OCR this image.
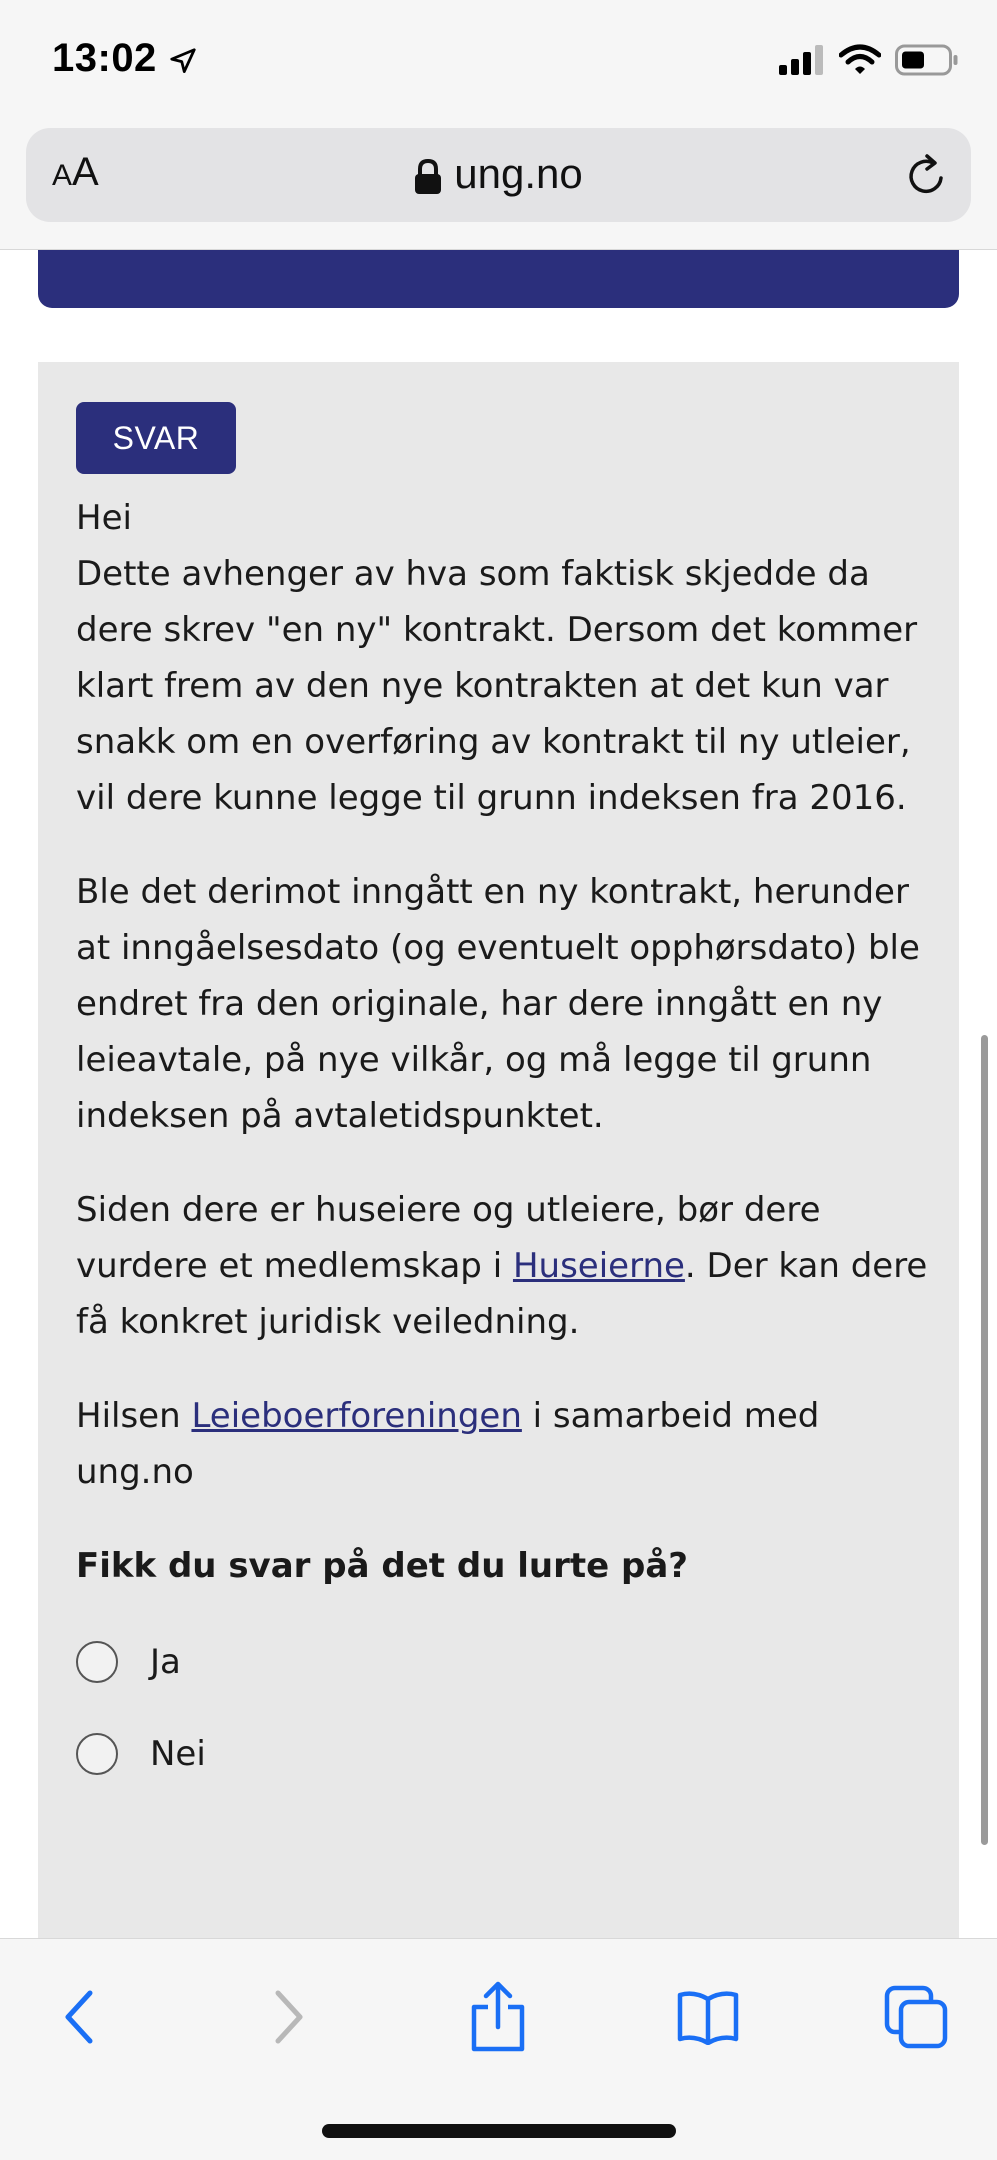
13:02
AA	ung.no
SVAR
Hei

Dette avhenger av hva som faktisk skjedde da dere skrev "en ny" kontrakt. Dersom det kommer klart frem av den nye kontrakten at det kun var snakk om en overføring av kontrakt til ny utleier, vil dere kunne legge til grunn indeksen fra 2016.

Ble det derimot inngått en ny kontrakt, herunder at inngåelsesdato (og eventuelt opphørsdato) ble endret fra den originale, har dere inngått en ny leieavtale, på nye vilkår, og må legge til grunn indeksen på avtaletidspunktet.

Siden dere er huseiere og utleiere, bør dere vurdere et medlemskap i Huseierne. Der kan dere få konkret juridisk veiledning.

Hilsen Leieboerforeningen i samarbeid med ung.no

Fikk du svar på det du lurte på?
Ja
Nei
